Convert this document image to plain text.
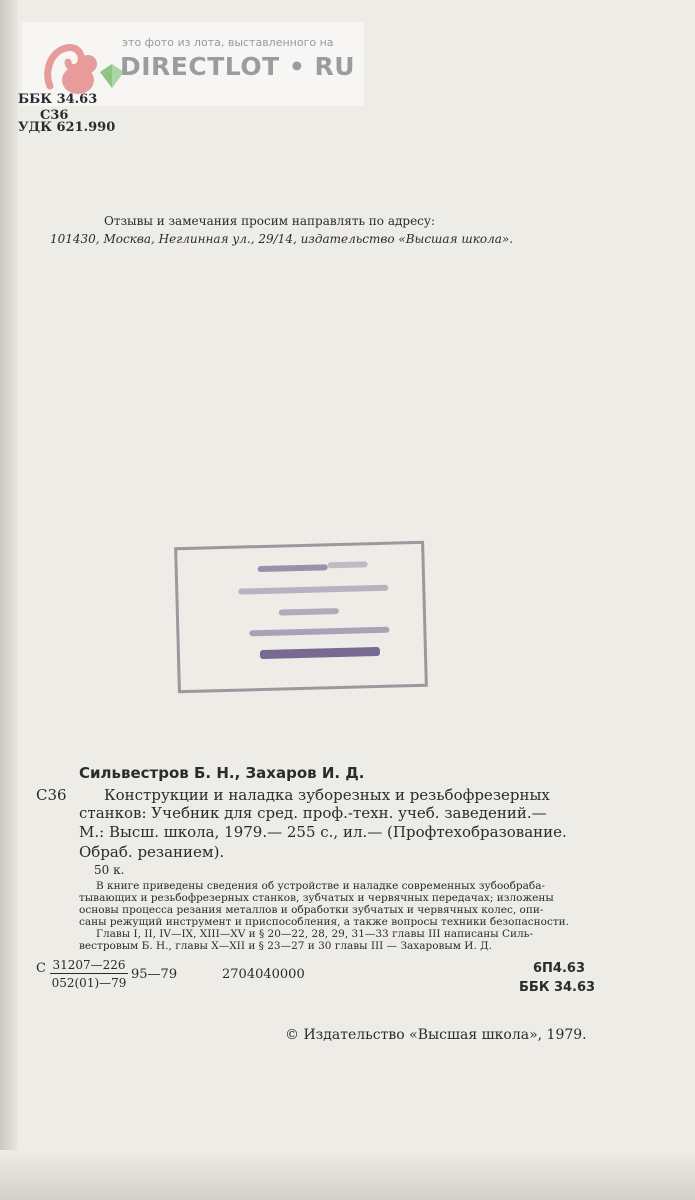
это фото из лота, выставленного на
DIRECTLOT • RU
ББК 34.63
С36
УДК 621.990
Отзывы и замечания просим направлять по адресу:
101430, Москва, Неглинная ул., 29/14, издательство «Высшая школа».
Сильвестров Б. Н., Захаров И. Д.
С36 Конструкции и наладка зуборезных и резьбофрезерных
станков: Учебник для сред. проф.-техн. учеб. заведений.—
М.: Высш. школа, 1979.— 255 с., ил.— (Профтехобразование.
Обраб. резанием).
50 к.
В книге приведены сведения об устройстве и наладке современных зубообраба-
тывающих и резьбофрезерных станков, зубчатых и червячных передачах; изложены
основы процесса резания металлов и обработки зубчатых и червячных колес, опи-
саны режущий инструмент и приспособления, а также вопросы техники безопасности.
Главы I, II, IV—IX, XIII—XV и § 20—22, 28, 29, 31—33 главы III написаны Силь-
вестровым Б. Н., главы X—XII и § 23—27 и 30 главы III — Захаровым И. Д.
С $\frac{31207—226}{052(01)—79}$ 95—79	2704040000	6П4.63
ББК 34.63
© Издательство «Высшая школа», 1979.
